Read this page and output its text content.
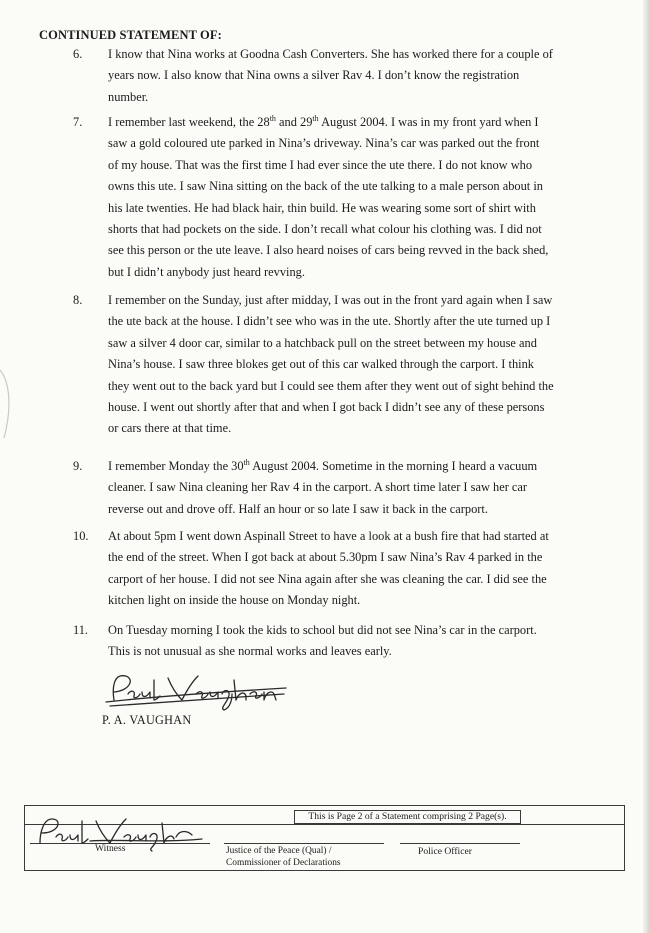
CONTINUED STATEMENT OF:
6.	I know that Nina works at Goodna Cash Converters. She has worked there for a couple of
years now. I also know that Nina owns a silver Rav 4. I don’t know the registration
number.
7.	I remember last weekend, the 28th and 29th August 2004. I was in my front yard when I
saw a gold coloured ute parked in Nina’s driveway. Nina’s car was parked out the front
of my house. That was the first time I had ever since the ute there. I do not know who
owns this ute. I saw Nina sitting on the back of the ute talking to a male person about in
his late twenties. He had black hair, thin build. He was wearing some sort of shirt with
shorts that had pockets on the side. I don’t recall what colour his clothing was. I did not
see this person or the ute leave. I also heard noises of cars being revved in the back shed,
but I didn’t anybody just heard revving.
8.	I remember on the Sunday, just after midday, I was out in the front yard again when I saw
the ute back at the house. I didn’t see who was in the ute. Shortly after the ute turned up I
saw a silver 4 door car, similar to a hatchback pull on the street between my house and
Nina’s house. I saw three blokes get out of this car walked through the carport. I think
they went out to the back yard but I could see them after they went out of sight behind the
house. I went out shortly after that and when I got back I didn’t see any of these persons
or cars there at that time.
9.	I remember Monday the 30th August 2004. Sometime in the morning I heard a vacuum
cleaner. I saw Nina cleaning her Rav 4 in the carport. A short time later I saw her car
reverse out and drove off. Half an hour or so late I saw it back in the carport.
10.	At about 5pm I went down Aspinall Street to have a look at a bush fire that had started at
the end of the street. When I got back at about 5.30pm I saw Nina’s Rav 4 parked in the
carport of her house. I did not see Nina again after she was cleaning the car. I did see the
kitchen light on inside the house on Monday night.
11.	On Tuesday morning I took the kids to school but did not see Nina’s car in the carport.
This is not unusual as she normal works and leaves early.
P. A. VAUGHAN
This is Page 2 of a Statement comprising 2 Page(s).
Witness	Justice of the Peace (Qual) /
Commissioner of Declarations
Police Officer
